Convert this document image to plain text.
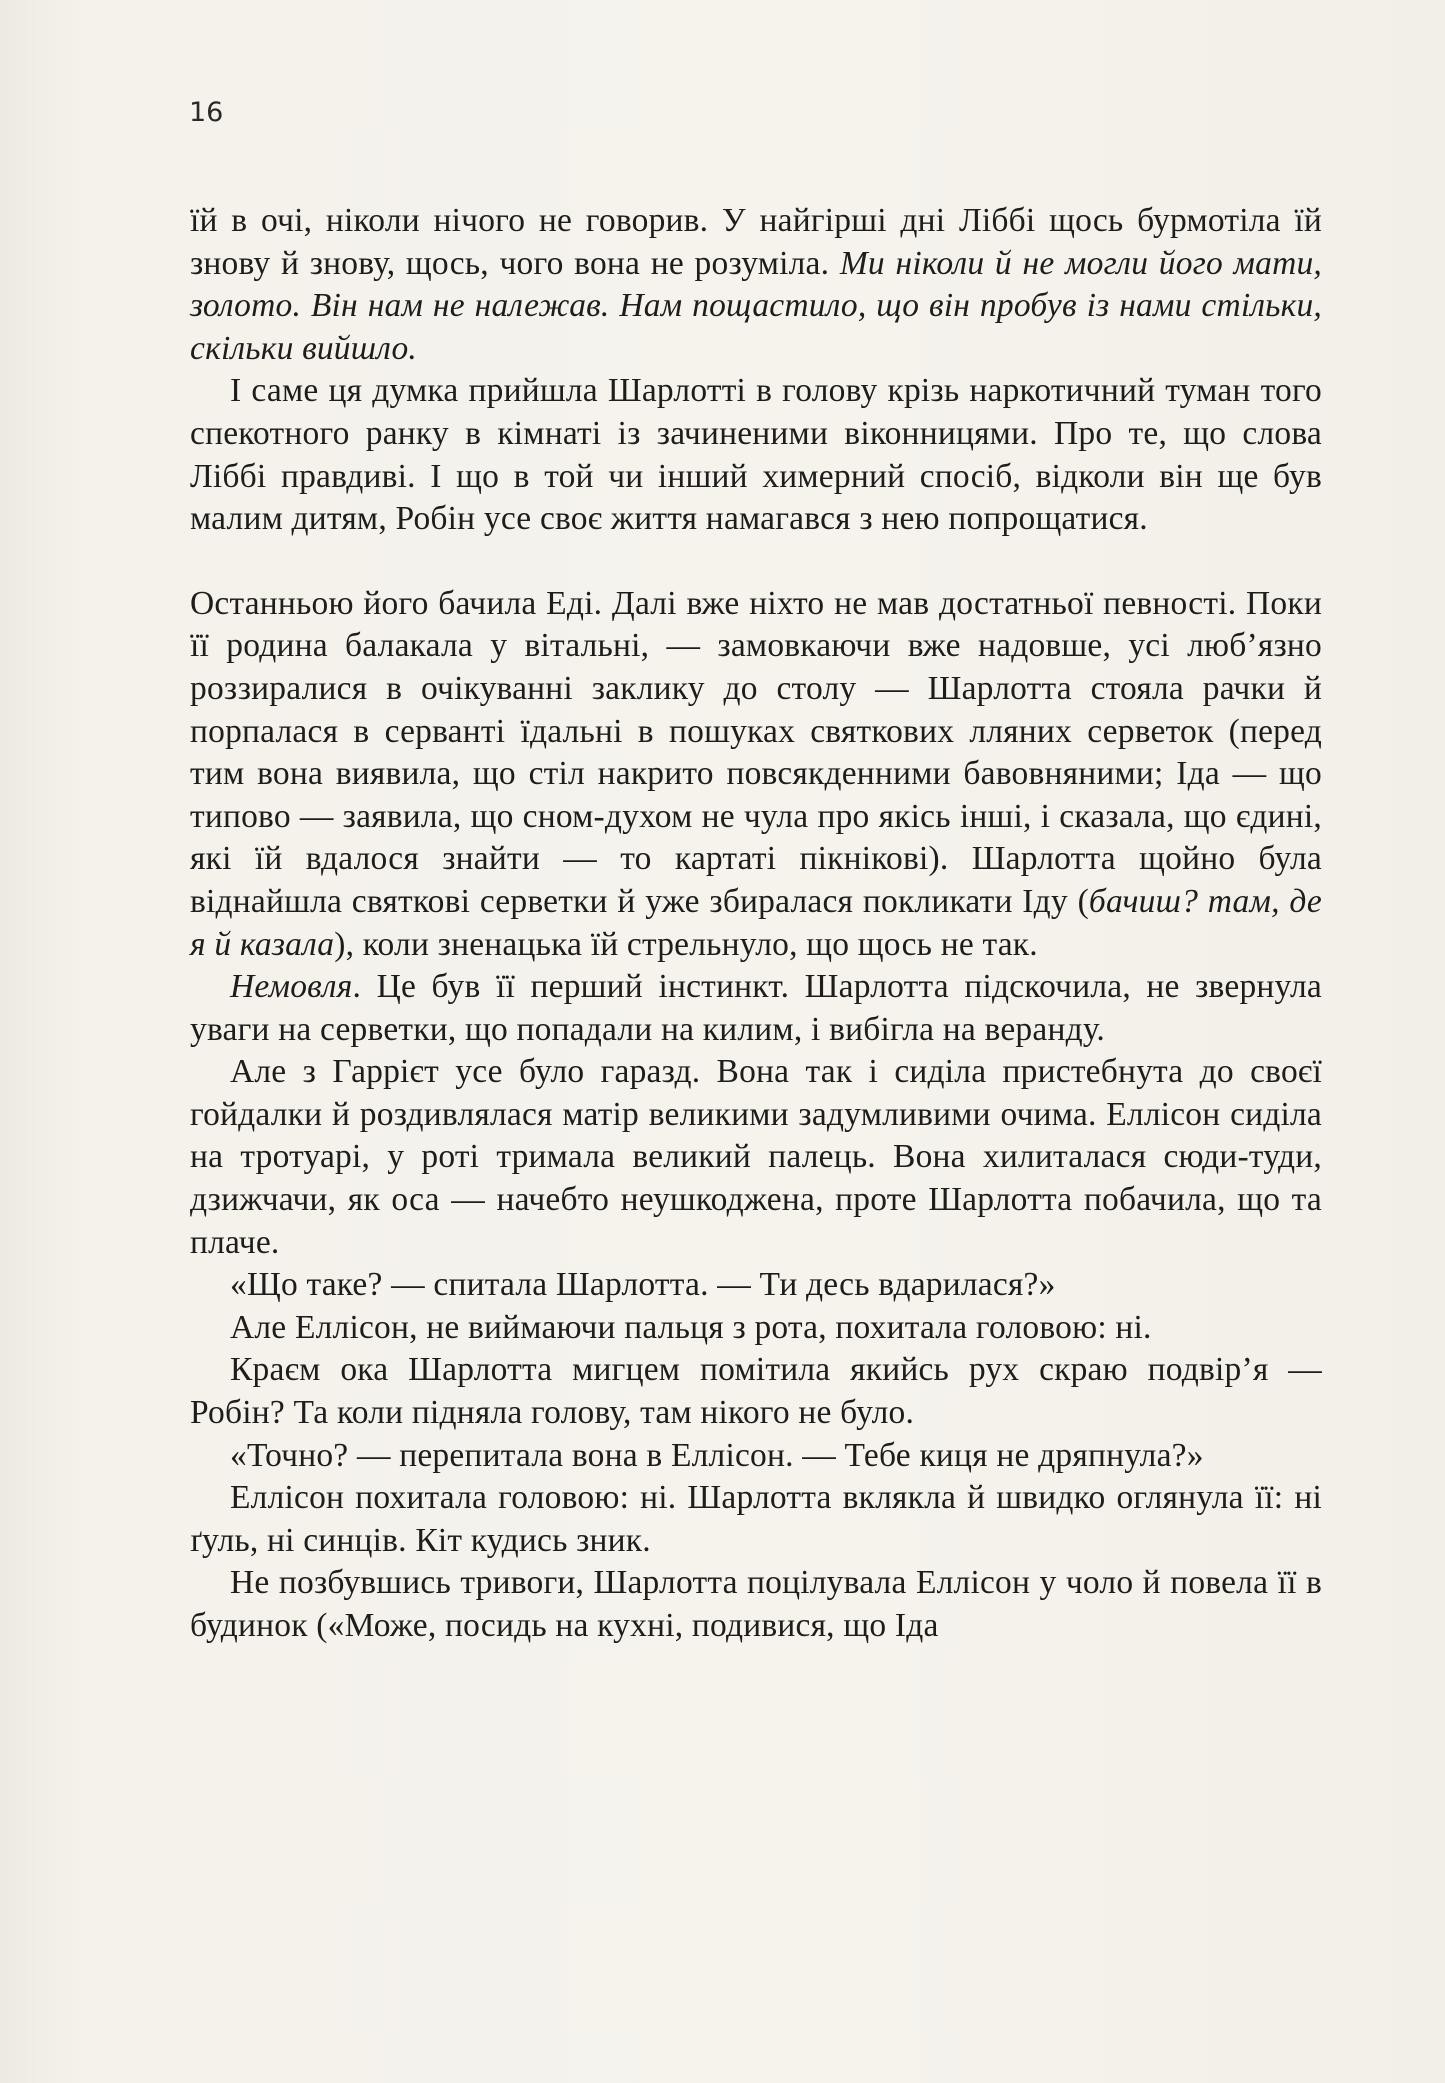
16

їй в очі, ніколи нічого не говорив. У найгірші дні Ліббі щось бурмотіла їй знову й знову, щось, чого вона не розуміла. Ми ніколи й не могли його мати, золото. Він нам не належав. Нам пощастило, що він пробув із нами стільки, скільки вийшло.

І саме ця думка прийшла Шарлотті в голову крізь наркотичний туман того спекотного ранку в кімнаті із зачиненими віконницями. Про те, що слова Ліббі правдиві. І що в той чи інший химерний спосіб, відколи він ще був малим дитям, Робін усе своє життя намагався з нею попрощатися.

Останньою його бачила Еді. Далі вже ніхто не мав достатньої певності. Поки її родина балакала у вітальні, — замовкаючи вже надовше, усі люб’язно роззиралися в очікуванні заклику до столу — Шарлотта стояла рачки й порпалася в серванті їдальні в пошуках святкових лляних серветок (перед тим вона виявила, що стіл накрито повсякденними бавовняними; Іда — що типово — заявила, що сном-духом не чула про якісь інші, і сказала, що єдині, які їй вдалося знайти — то картаті пікнікові). Шарлотта щойно була віднайшла святкові серветки й уже збиралася покликати Іду (бачиш? там, де я й казала), коли зненацька їй стрельнуло, що щось не так.

Немовля. Це був її перший інстинкт. Шарлотта підскочила, не звернула уваги на серветки, що попадали на килим, і вибігла на веранду.

Але з Гаррієт усе було гаразд. Вона так і сиділа пристебнута до своєї гойдалки й роздивлялася матір великими задумливими очима. Еллісон сиділа на тротуарі, у роті тримала великий палець. Вона хилиталася сюди-туди, дзижчачи, як оса — начебто неушкоджена, проте Шарлотта побачила, що та плаче.

«Що таке? — спитала Шарлотта. — Ти десь вдарилася?»

Але Еллісон, не виймаючи пальця з рота, похитала головою: ні.

Краєм ока Шарлотта мигцем помітила якийсь рух скраю подвір’я — Робін? Та коли підняла голову, там нікого не було.

«Точно? — перепитала вона в Еллісон. — Тебе киця не дряпнула?»

Еллісон похитала головою: ні. Шарлотта вклякла й швидко оглянула її: ні ґуль, ні синців. Кіт кудись зник.

Не позбувшись тривоги, Шарлотта поцілувала Еллісон у чоло й повела її в будинок («Може, посидь на кухні, подивися, що Іда
